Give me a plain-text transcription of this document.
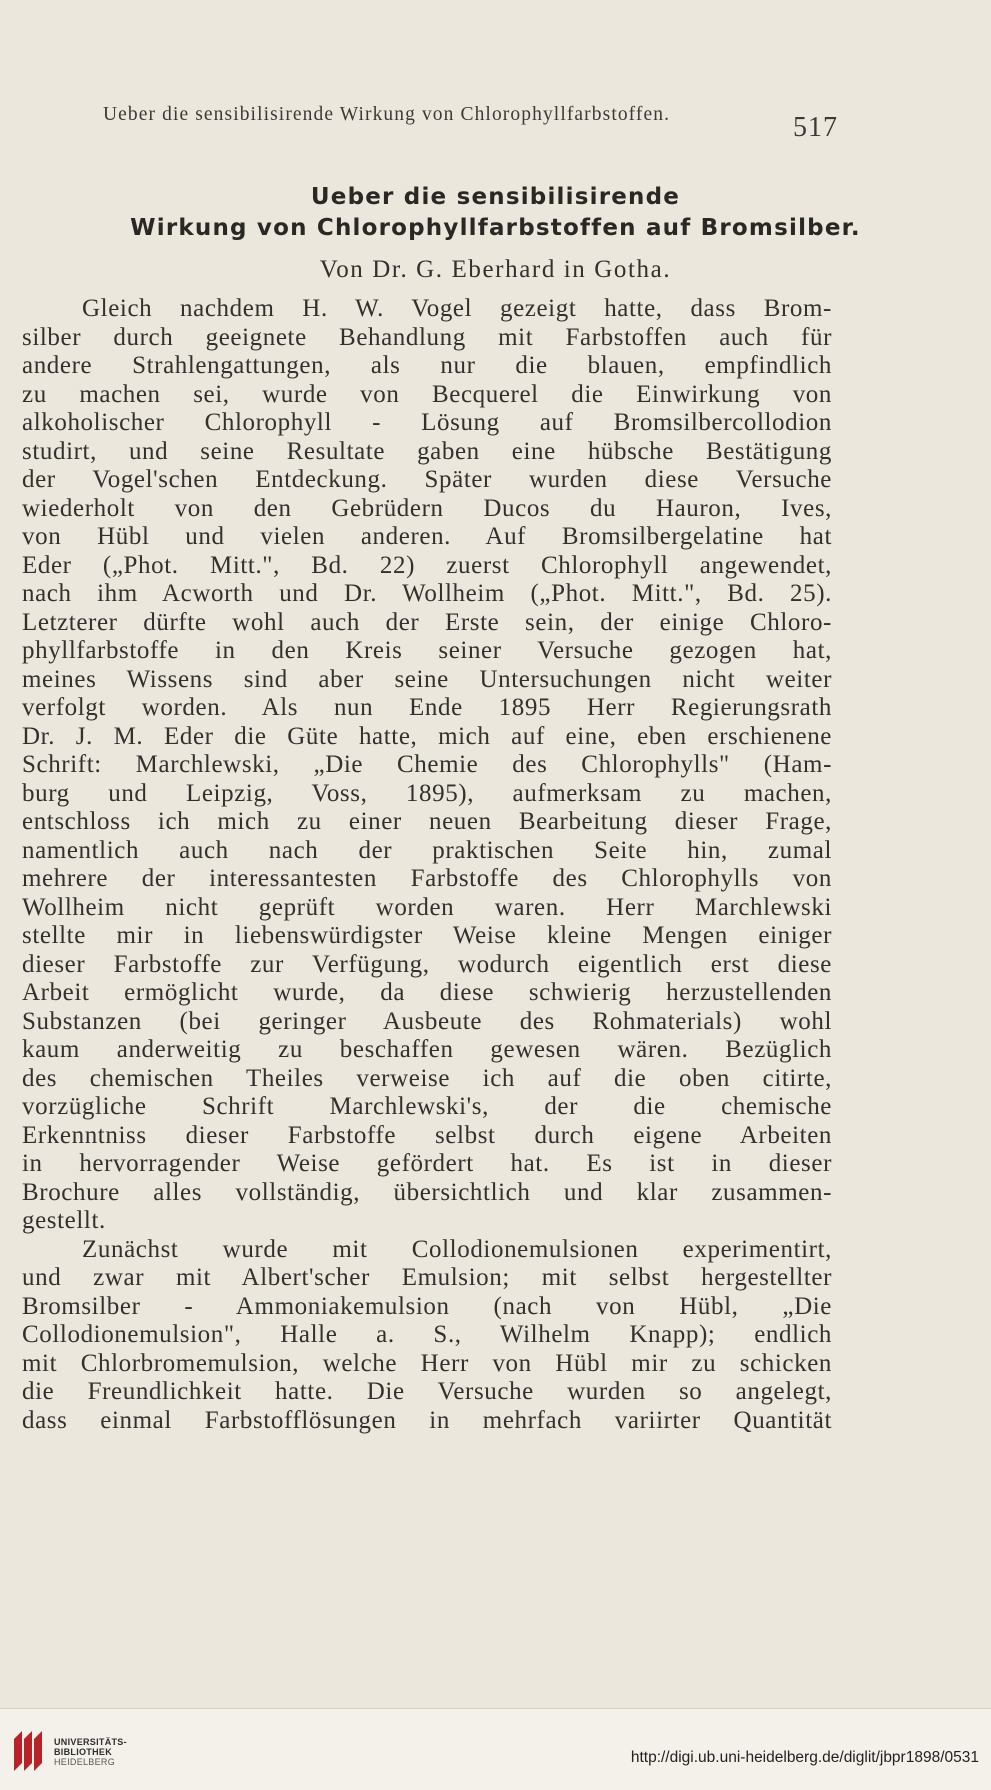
Ueber die sensibilisirende Wirkung von Chlorophyllfarbstoffen.	517
Ueber die sensibilisirende
Wirkung von Chlorophyllfarbstoffen auf Bromsilber.
Von Dr. G. Eberhard in Gotha.
Gleich nachdem H. W. Vogel gezeigt hatte, dass Brom-
silber durch geeignete Behandlung mit Farbstoffen auch für
andere Strahlengattungen, als nur die blauen, empfindlich
zu machen sei, wurde von Becquerel die Einwirkung von
alkoholischer Chlorophyll - Lösung auf Bromsilbercollodion
studirt, und seine Resultate gaben eine hübsche Bestätigung
der Vogel'schen Entdeckung. Später wurden diese Versuche
wiederholt von den Gebrüdern Ducos du Hauron, Ives,
von Hübl und vielen anderen. Auf Bromsilbergelatine hat
Eder („Phot. Mitt.", Bd. 22) zuerst Chlorophyll angewendet,
nach ihm Acworth und Dr. Wollheim („Phot. Mitt.", Bd. 25).
Letzterer dürfte wohl auch der Erste sein, der einige Chloro-
phyllfarbstoffe in den Kreis seiner Versuche gezogen hat,
meines Wissens sind aber seine Untersuchungen nicht weiter
verfolgt worden. Als nun Ende 1895 Herr Regierungsrath
Dr. J. M. Eder die Güte hatte, mich auf eine, eben erschienene
Schrift: Marchlewski, „Die Chemie des Chlorophylls" (Ham-
burg und Leipzig, Voss, 1895), aufmerksam zu machen,
entschloss ich mich zu einer neuen Bearbeitung dieser Frage,
namentlich auch nach der praktischen Seite hin, zumal
mehrere der interessantesten Farbstoffe des Chlorophylls von
Wollheim nicht geprüft worden waren. Herr Marchlewski
stellte mir in liebenswürdigster Weise kleine Mengen einiger
dieser Farbstoffe zur Verfügung, wodurch eigentlich erst diese
Arbeit ermöglicht wurde, da diese schwierig herzustellenden
Substanzen (bei geringer Ausbeute des Rohmaterials) wohl
kaum anderweitig zu beschaffen gewesen wären. Bezüglich
des chemischen Theiles verweise ich auf die oben citirte,
vorzügliche Schrift Marchlewski's, der die chemische
Erkenntniss dieser Farbstoffe selbst durch eigene Arbeiten
in hervorragender Weise gefördert hat. Es ist in dieser
Brochure alles vollständig, übersichtlich und klar zusammen-
gestellt.
Zunächst wurde mit Collodionemulsionen experimentirt,
und zwar mit Albert'scher Emulsion; mit selbst hergestellter
Bromsilber - Ammoniakemulsion (nach von Hübl, „Die
Collodionemulsion", Halle a. S., Wilhelm Knapp); endlich
mit Chlorbromemulsion, welche Herr von Hübl mir zu schicken
die Freundlichkeit hatte. Die Versuche wurden so angelegt,
dass einmal Farbstofflösungen in mehrfach variirter Quantität
UNIVERSITÄTS-
BIBLIOTHEK
HEIDELBERG	http://digi.ub.uni-heidelberg.de/diglit/jbpr1898/0531
